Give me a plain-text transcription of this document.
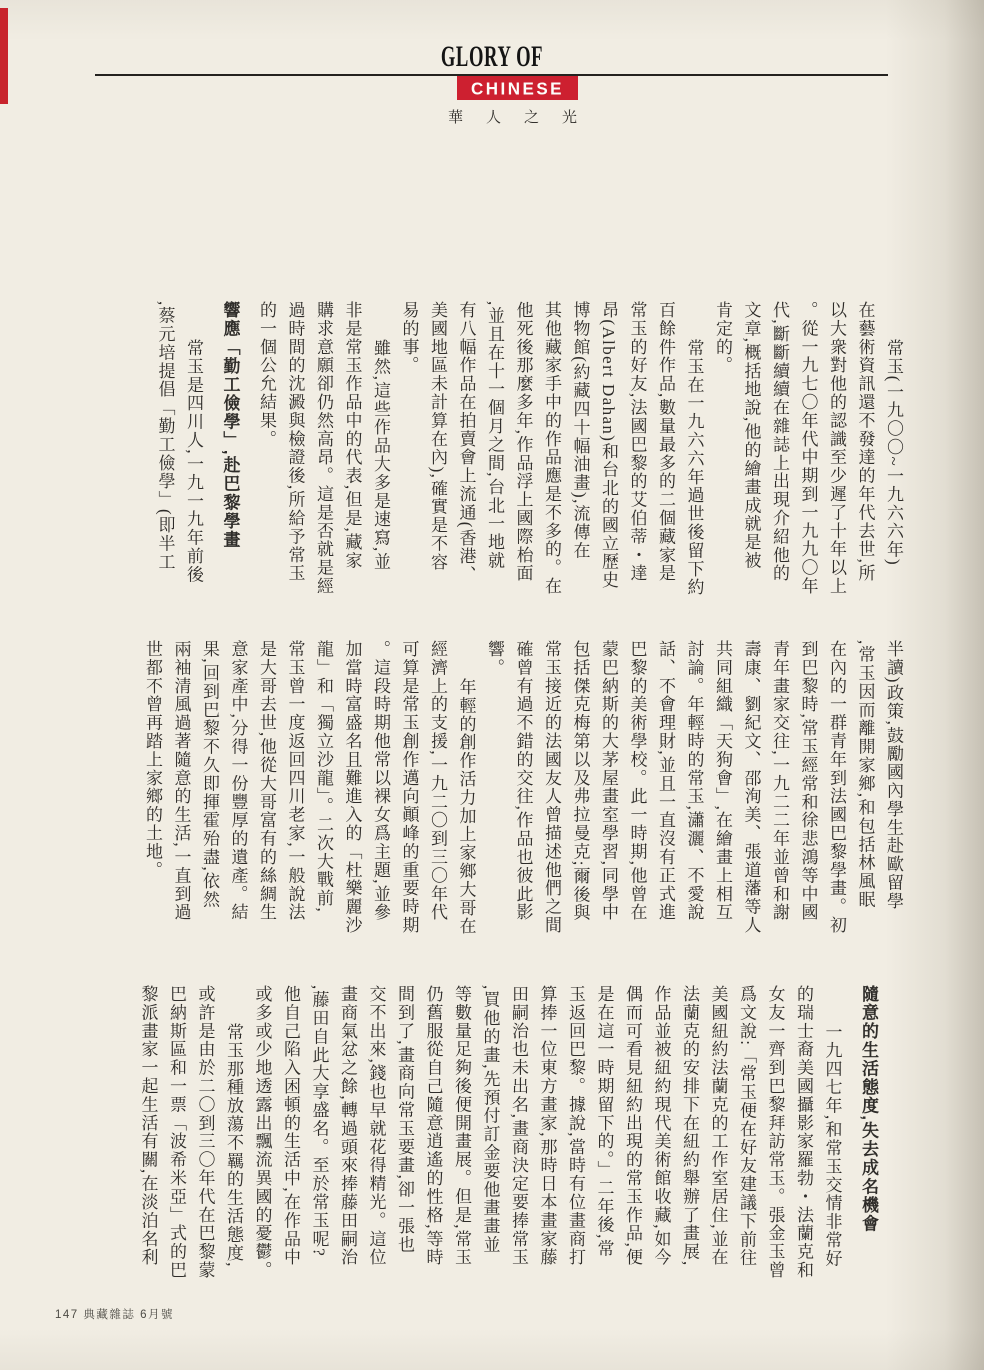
GLORY OF
CHINESE
華人之光
常玉(一九〇〇~一九六六年)
在藝術資訊還不發達的年代去世,所
以大衆對他的認識至少遲了十年以上
。從一九七〇年代中期到一九九〇年
代,斷斷續續在雜誌上出現介紹他的
文章,概括地說,他的繪畫成就是被
肯定的。
常玉在一九六六年過世後留下約
百餘件作品,數量最多的二個藏家是
常玉的好友,法國巴黎的艾伯蒂・達
昂(Albert Dahan)和台北的國立歷史
博物館(約藏四十幅油畫),流傳在
其他藏家手中的作品應是不多的。在
他死後那麼多年,作品浮上國際枱面
,並且在十一個月之間,台北一地就
有八幅作品在拍賣會上流通(香港、
美國地區未計算在內),確實是不容
易的事。
雖然,這些作品大多是速寫,並
非是常玉作品中的代表,但是,藏家
購求意願卻仍然高昂。這是否就是經
過時間的沈澱與檢證後,所給予常玉
的一個公允結果。
響應「勤工儉學」,赴巴黎學畫
常玉是四川人,一九一九年前後
,蔡元培提倡「勤工儉學」(即半工
半讀)政策,鼓勵國內學生赴歐留學
,常玉因而離開家鄉,和包括林風眠
在內的一群青年到法國巴黎學畫。初
到巴黎時,常玉經常和徐悲鴻等中國
青年畫家交往,一九二二年並曾和謝
壽康、劉紀文、邵洵美、張道藩等人
共同組織「天狗會」,在繪畫上相互
討論。年輕時的常玉,瀟灑、不愛說
話、不會理財,並且一直沒有正式進
巴黎的美術學校。此一時期,他曾在
蒙巴納斯的大茅屋畫室學習,同學中
包括傑克梅第以及弗拉曼克;爾後與
常玉接近的法國友人曾描述他們之間
確曾有過不錯的交往,作品也彼此影
響。
年輕的創作活力加上家鄉大哥在
經濟上的支援,一九二〇到三〇年代
可算是常玉創作邁向顚峰的重要時期
。這段時期他常以裸女爲主題,並參
加當時富盛名且難進入的「杜樂麗沙
龍」和「獨立沙龍」。二次大戰前,
常玉曾一度返回四川老家,一般說法
是大哥去世,他從大哥富有的絲綢生
意家產中,分得一份豐厚的遺產。結
果,回到巴黎不久即揮霍殆盡,依然
兩袖清風過著隨意的生活,一直到過
世都不曾再踏上家鄉的土地。
隨意的生活態度,失去成名機會
一九四七年,和常玉交情非常好
的瑞士裔美國攝影家羅勃・法蘭克和
女友一齊到巴黎拜訪常玉。張金玉曾
爲文說:「常玉便在好友建議下前往
美國紐約法蘭克的工作室居住,並在
法蘭克的安排下在紐約舉辦了畫展,
作品並被紐約現代美術館收藏,如今
偶而可看見紐約出現的常玉作品,便
是在這一時期留下的。」二年後,常
玉返回巴黎。據說,當時有位畫商打
算捧一位東方畫家,那時日本畫家藤
田嗣治也未出名,畫商決定要捧常玉
,買他的畫,先預付訂金要他畫畫並
等數量足夠後便開畫展。但是,常玉
仍舊服從自己隨意逍遙的性格,等時
間到了,畫商向常玉要畫,卻一張也
交不出來,錢也早就花得精光。這位
畫商氣忿之餘,轉過頭來捧藤田嗣治
,藤田自此大享盛名。至於常玉呢?
他自己陷入困頓的生活中,在作品中
或多或少地透露出飄流異國的憂鬱。
常玉那種放蕩不羈的生活態度,
或許是由於二〇到三〇年代在巴黎蒙
巴納斯區和一票「波希米亞」式的巴
黎派畫家一起生活有關,在淡泊名利
147 典藏雜誌 6月號
